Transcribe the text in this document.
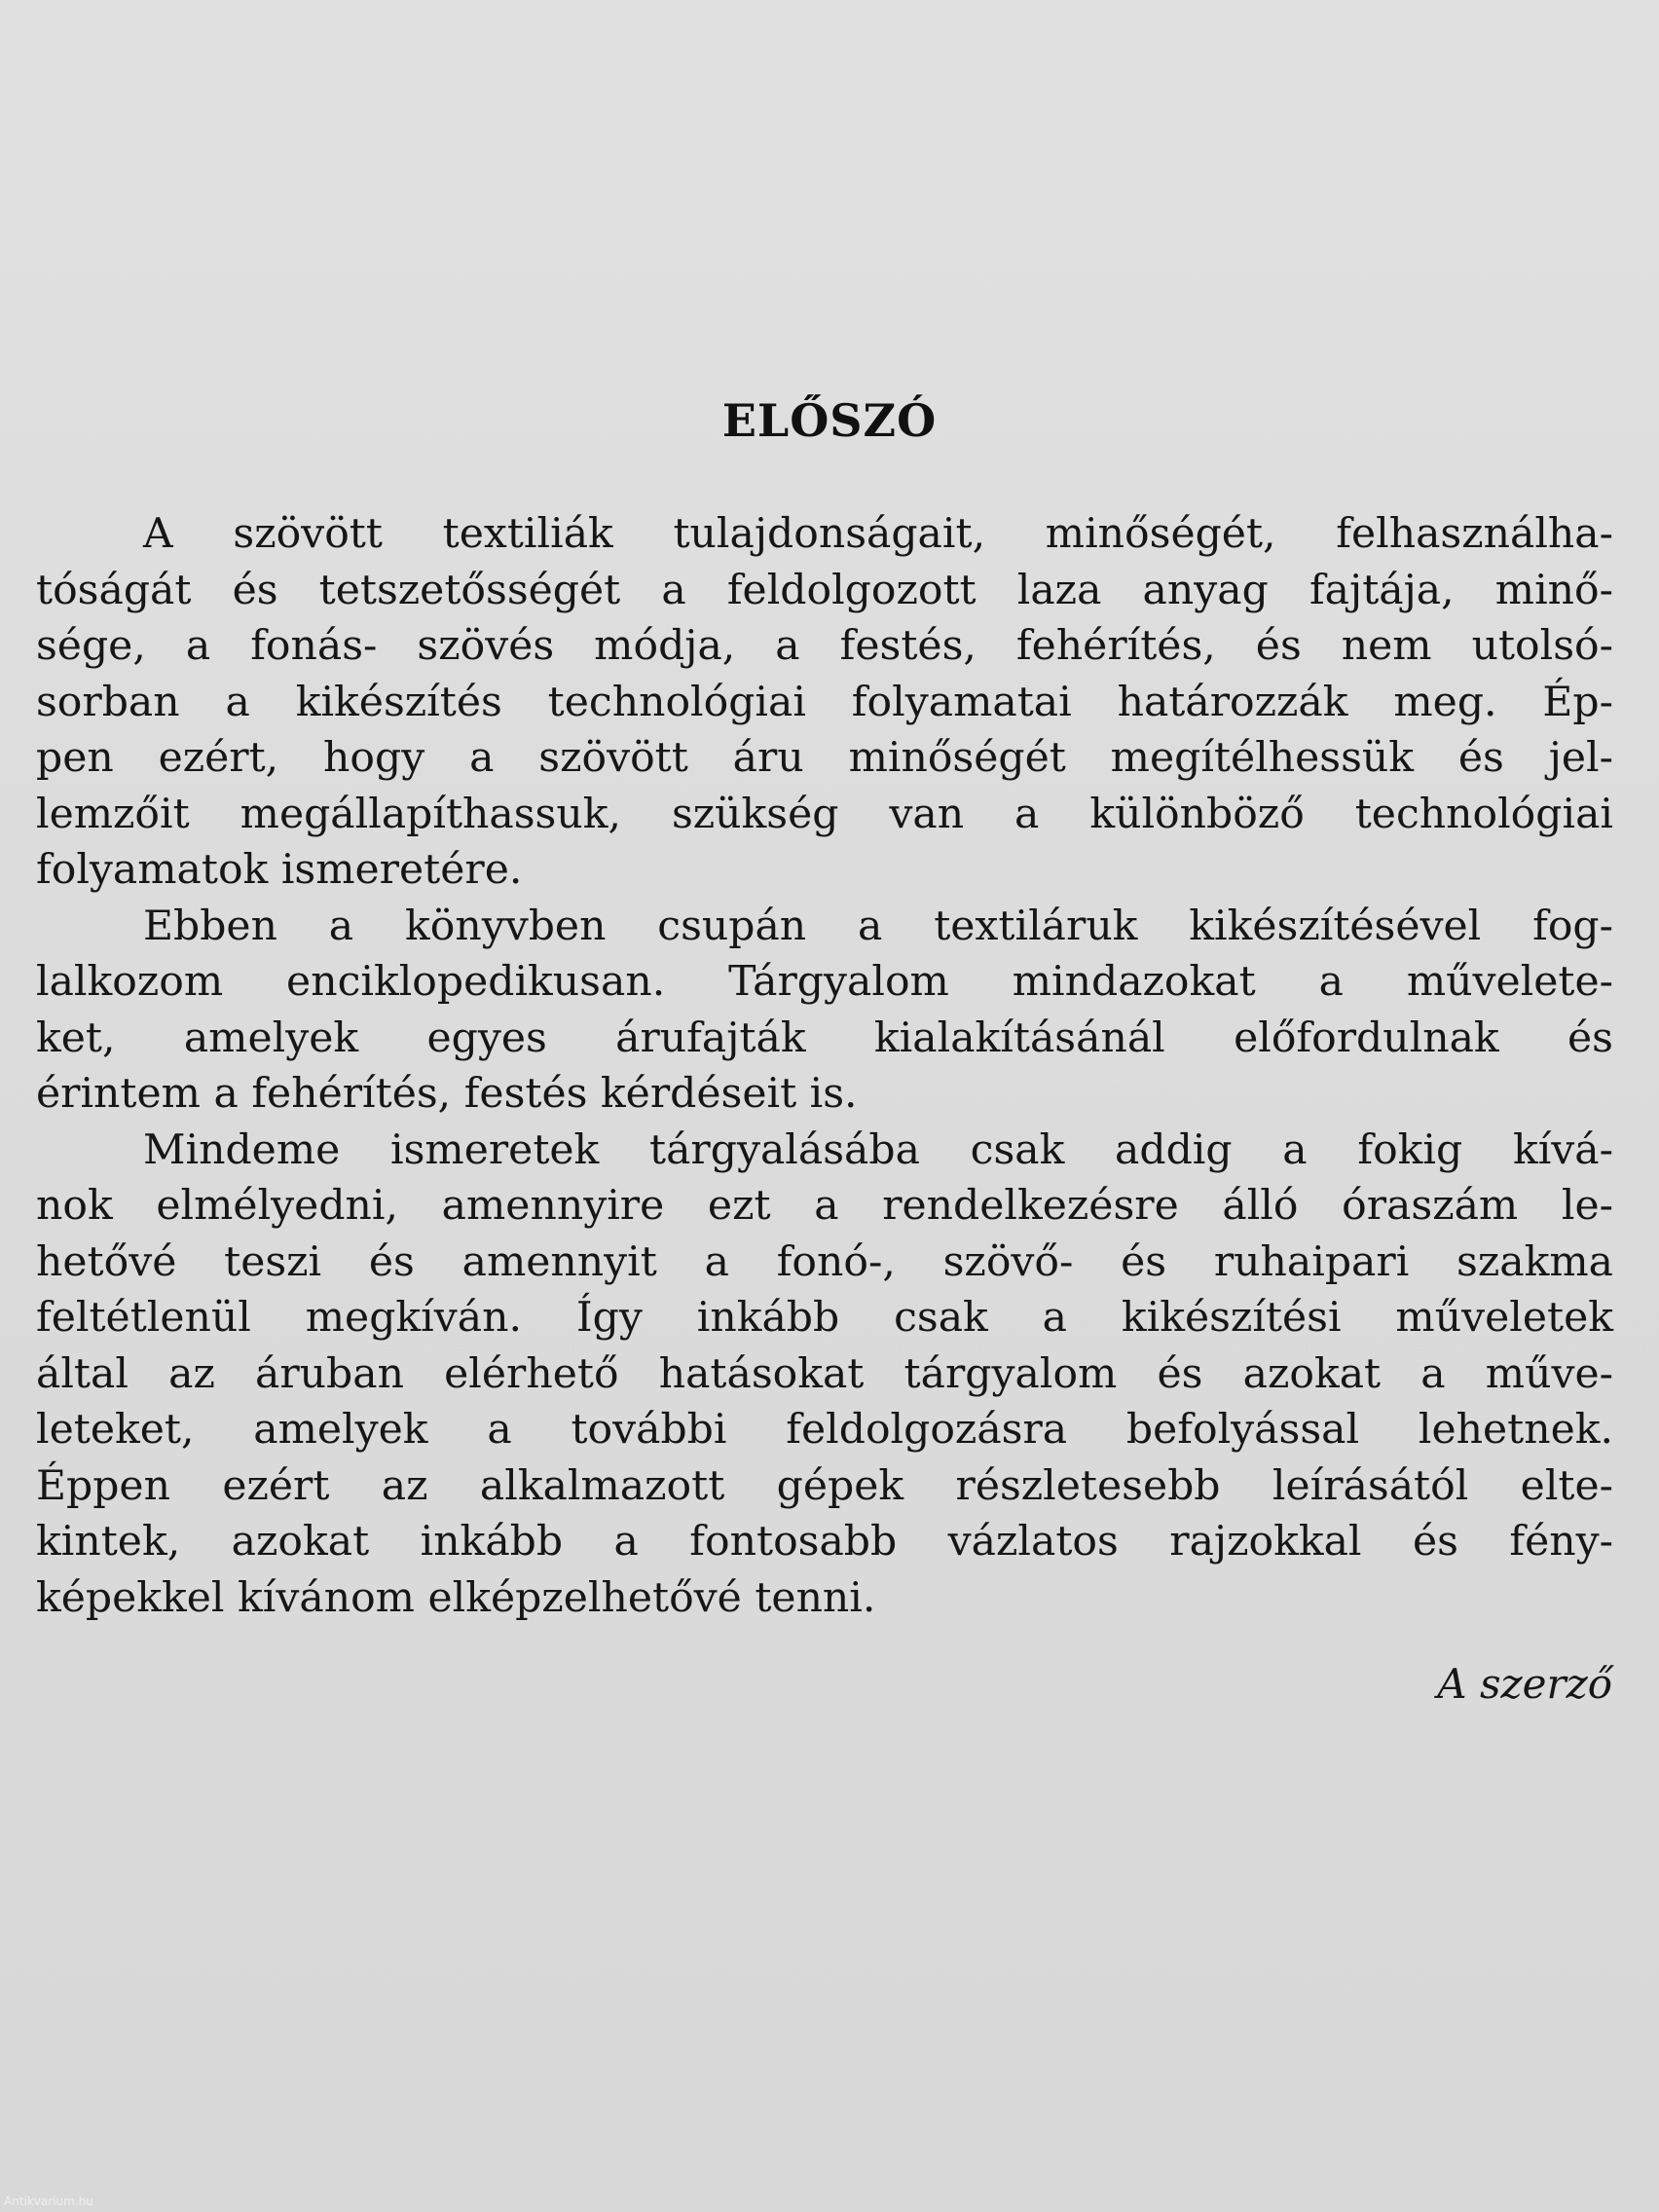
ELŐSZÓ
A szövött textiliák tulajdonságait, minőségét, felhasználha-
tóságát és tetszetősségét a feldolgozott laza anyag fajtája, minő-
sége, a fonás- szövés módja, a festés, fehérítés, és nem utolsó-
sorban a kikészítés technológiai folyamatai határozzák meg. Ép-
pen ezért, hogy a szövött áru minőségét megítélhessük és jel-
lemzőit megállapíthassuk, szükség van a különböző technológiai
folyamatok ismeretére.
Ebben a könyvben csupán a textiláruk kikészítésével fog-
lalkozom enciklopedikusan. Tárgyalom mindazokat a művelete-
ket, amelyek egyes árufajták kialakításánál előfordulnak és
érintem a fehérítés, festés kérdéseit is.
Mindeme ismeretek tárgyalásába csak addig a fokig kívá-
nok elmélyedni, amennyire ezt a rendelkezésre álló óraszám le-
hetővé teszi és amennyit a fonó-, szövő- és ruhaipari szakma
feltétlenül megkíván. Így inkább csak a kikészítési műveletek
által az áruban elérhető hatásokat tárgyalom és azokat a műve-
leteket, amelyek a további feldolgozásra befolyással lehetnek.
Éppen ezért az alkalmazott gépek részletesebb leírásától elte-
kintek, azokat inkább a fontosabb vázlatos rajzokkal és fény-
képekkel kívánom elképzelhetővé tenni.
A szerző
Antikvarium.hu
